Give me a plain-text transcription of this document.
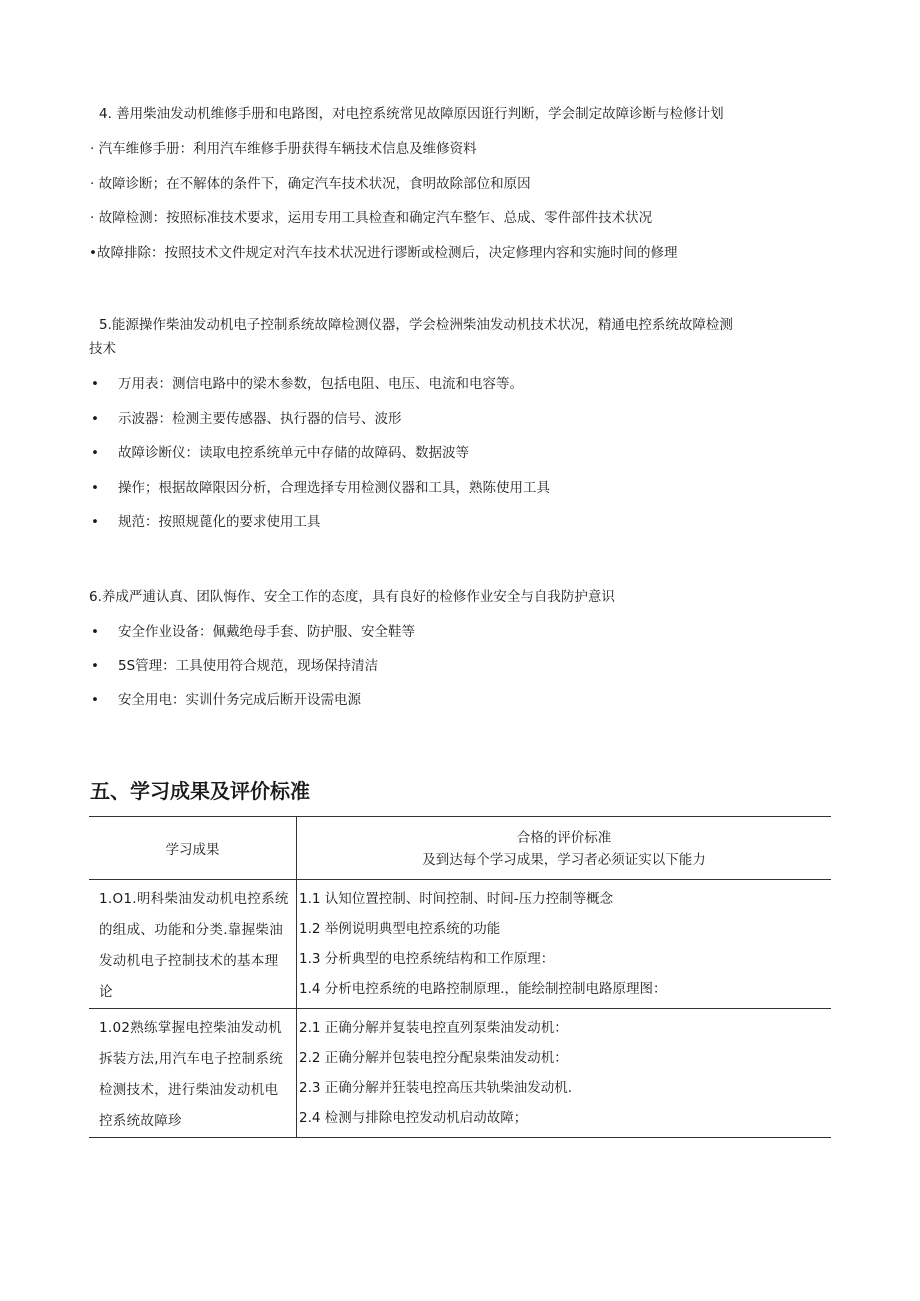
4. 善用柴油发动机维修手册和电路图，对电控系统常见故障原因诳行判断，学会制定故障诊断与检修计划
· 汽车维修手册：利用汽车维修手册获得车辆技术信息及维修资料
· 故障诊断；在不解体的条件下，确定汽车技术状况，食明故除部位和原因
· 故障检测：按照标准技术要求，运用专用工具检查和确定汽车整乍、总成、零件部件技术状况
•故障排除：按照技术文件规定对汽车技术状况进行谬断或检测后，决定修理内容和实施时间的修理
5.能源操作柴油发动机电子控制系统故障检测仪器，学会检洲柴油发动机技术状况，精通电控系统故障检测
技术
• 万用表：测信电路中的梁木参数，包括电阻、电压、电流和电容等。
• 示波器：检测主要传感器、执行器的信号、波形
• 故障诊断仪：读取电控系统单元中存储的故障码、数据波等
• 操作；根据故障限因分析，合理选择专用检测仪器和工具，熟陈使用工具
• 规范：按照规蓖化的要求使用工具
6.养成严逋认真、团队悔作、安全工作的态度，具有良好的检修作业安全与自我防护意识
• 安全作业设备：佩戴绝母手套、防护服、安全鞋等
• 5S管理：工具使用符合规范，现场保持清洁
• 安全用电：实训什务完成后断开设需电源
五、学习成果及评价标准
学习成果	合格的评价标准
及到达每个学习成果，学习者必须证实以下能力

1.O1.明科柴油发动机电控系统的组成、功能和分类.靠握柴油发动机电子控制技术的基本理论	1.1 认知位置控制、时间控制、时间-压力控制等概念
1.2 举例说明典型电控系统的功能
1.3 分析典型的电控系统结构和工作原理：
1.4 分析电控系统的电路控制原理.，能绘制控制电路原理图：

1.02熟练掌握电控柴油发动机拆装方法,用汽车电子控制系统检测技术，进行柴油发动机电控系统故障珍	2.1 正确分解并复装电控直列泵柴油发动机：
2.2 正确分解并包装电控分配泉柴油发动机：
2.3 正确分解并狂装电控高压共轨柴油发动机.
2.4 检测与排除电控发动机启动故障；
